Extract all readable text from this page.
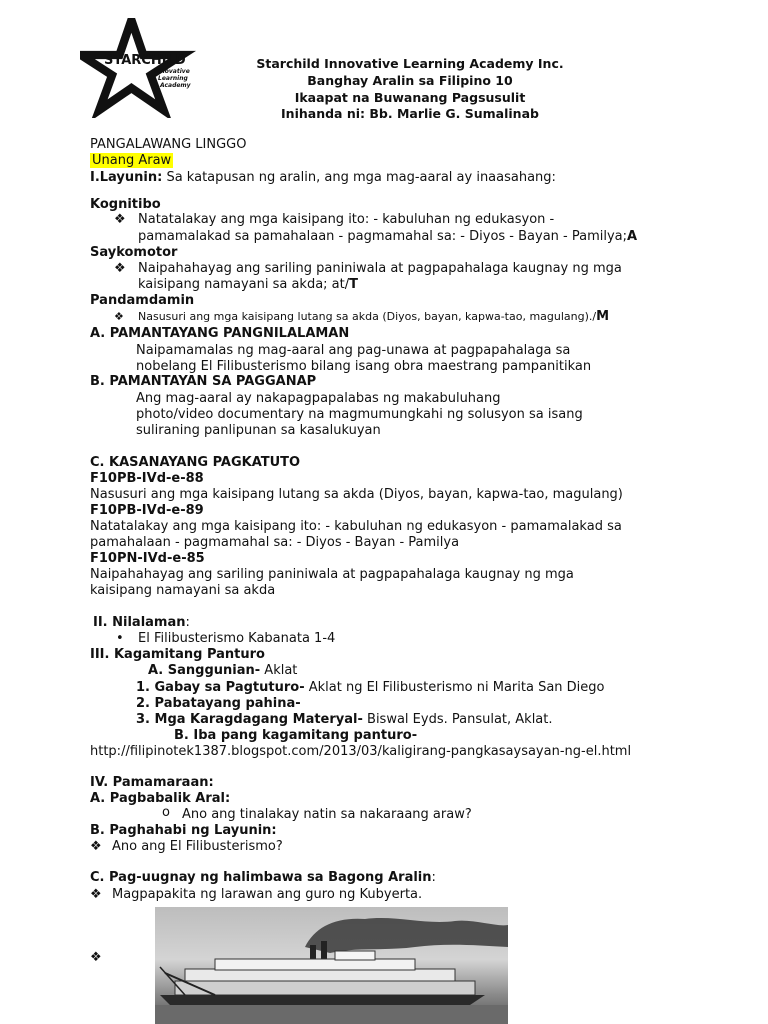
STARCHILD
Innovative
Learning
Academy
Starchild Innovative Learning Academy Inc.
Banghay Aralin sa Filipino 10
Ikaapat na Buwanang Pagsusulit
Inihanda ni: Bb. Marlie G. Sumalinab
PANGALAWANG LINGGO
Unang Araw
I.Layunin: Sa katapusan ng aralin, ang mga mag-aaral ay inaasahang:
Kognitibo
❖ Natatalakay ang mga kaisipang ito: - kabuluhan ng edukasyon -
pamamalakad sa pamahalaan - pagmamahal sa: - Diyos - Bayan - Pamilya;A
Saykomotor
❖ Naipahahayag ang sariling paniniwala at pagpapahalaga kaugnay ng mga
kaisipang namayani sa akda; at/T
Pandamdamin
❖ Nasusuri ang mga kaisipang lutang sa akda (Diyos, bayan, kapwa-tao, magulang)./M
A. PAMANTAYANG PANGNILALAMAN
Naipamamalas ng mag-aaral ang pag-unawa at pagpapahalaga sa
nobelang El Filibusterismo bilang isang obra maestrang pampanitikan
B. PAMANTAYAN SA PAGGANAP
Ang mag-aaral ay nakapagpapalabas ng makabuluhang
photo/video documentary na magmumungkahi ng solusyon sa isang
suliraning panlipunan sa kasalukuyan
C. KASANAYANG PAGKATUTO
F10PB-IVd-e-88
Nasusuri ang mga kaisipang lutang sa akda (Diyos, bayan, kapwa-tao, magulang)
F10PB-IVd-e-89
Natatalakay ang mga kaisipang ito: - kabuluhan ng edukasyon - pamamalakad sa
pamahalaan - pagmamahal sa: - Diyos - Bayan - Pamilya
F10PN-IVd-e-85
Naipahahayag ang sariling paniniwala at pagpapahalaga kaugnay ng mga
kaisipang namayani sa akda
II. Nilalaman:
• El Filibusterismo Kabanata 1-4
III. Kagamitang Panturo
A. Sanggunian- Aklat
1. Gabay sa Pagtuturo- Aklat ng El Filibusterismo ni Marita San Diego
2. Pabatayang pahina-
3. Mga Karagdagang Materyal- Biswal Eyds. Pansulat, Aklat.
B. Iba pang kagamitang panturo-
http://filipinotek1387.blogspot.com/2013/03/kaligirang-pangkasaysayan-ng-el.html
IV. Pamamaraan:
A. Pagbabalik Aral:
o Ano ang tinalakay natin sa nakaraang araw?
B. Paghahabi ng Layunin:
❖ Ano ang El Filibusterismo?
C. Pag-uugnay ng halimbawa sa Bagong Aralin:
❖ Magpapakita ng larawan ang guro ng Kubyerta.
❖
